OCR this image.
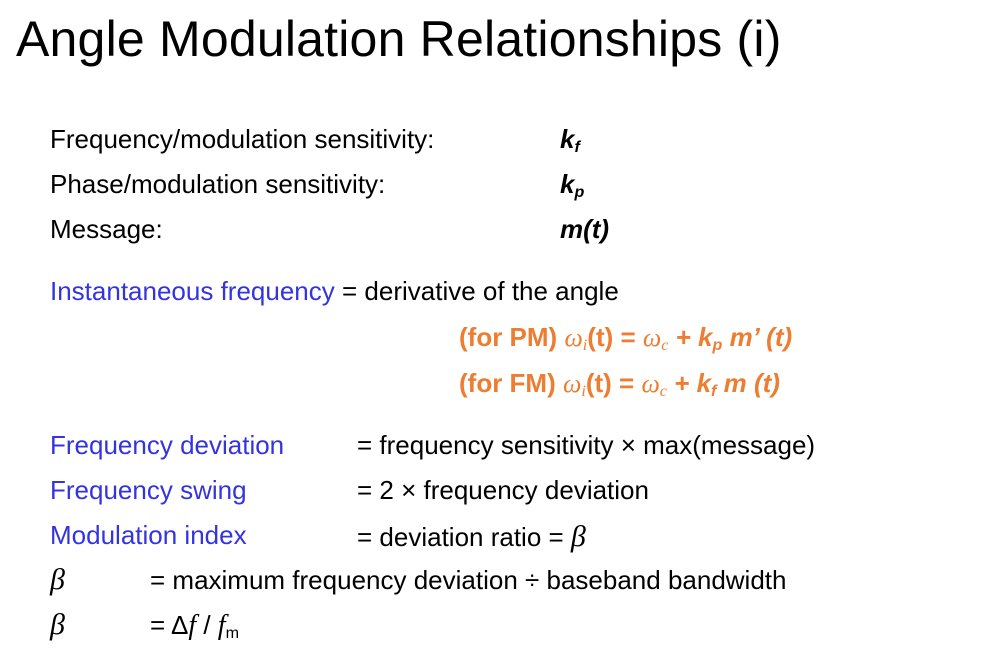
Angle Modulation Relationships (i)
Frequency/modulation sensitivity:	$k_f$
Phase/modulation sensitivity:	$k_p$
Message:	m(t)
Instantaneous frequency = derivative of the angle
(for PM) $\omega_i(t) = \omega_c + k_p$ m’ (t)
(for FM) $\omega_i(t) = \omega_c + k_f$ m (t)
Frequency deviation	= frequency sensitivity × max(message)
Frequency swing	= 2 × frequency deviation
Modulation index	= deviation ratio = β
β	= maximum frequency deviation ÷ baseband bandwidth
β	= Δf / $f_m$
